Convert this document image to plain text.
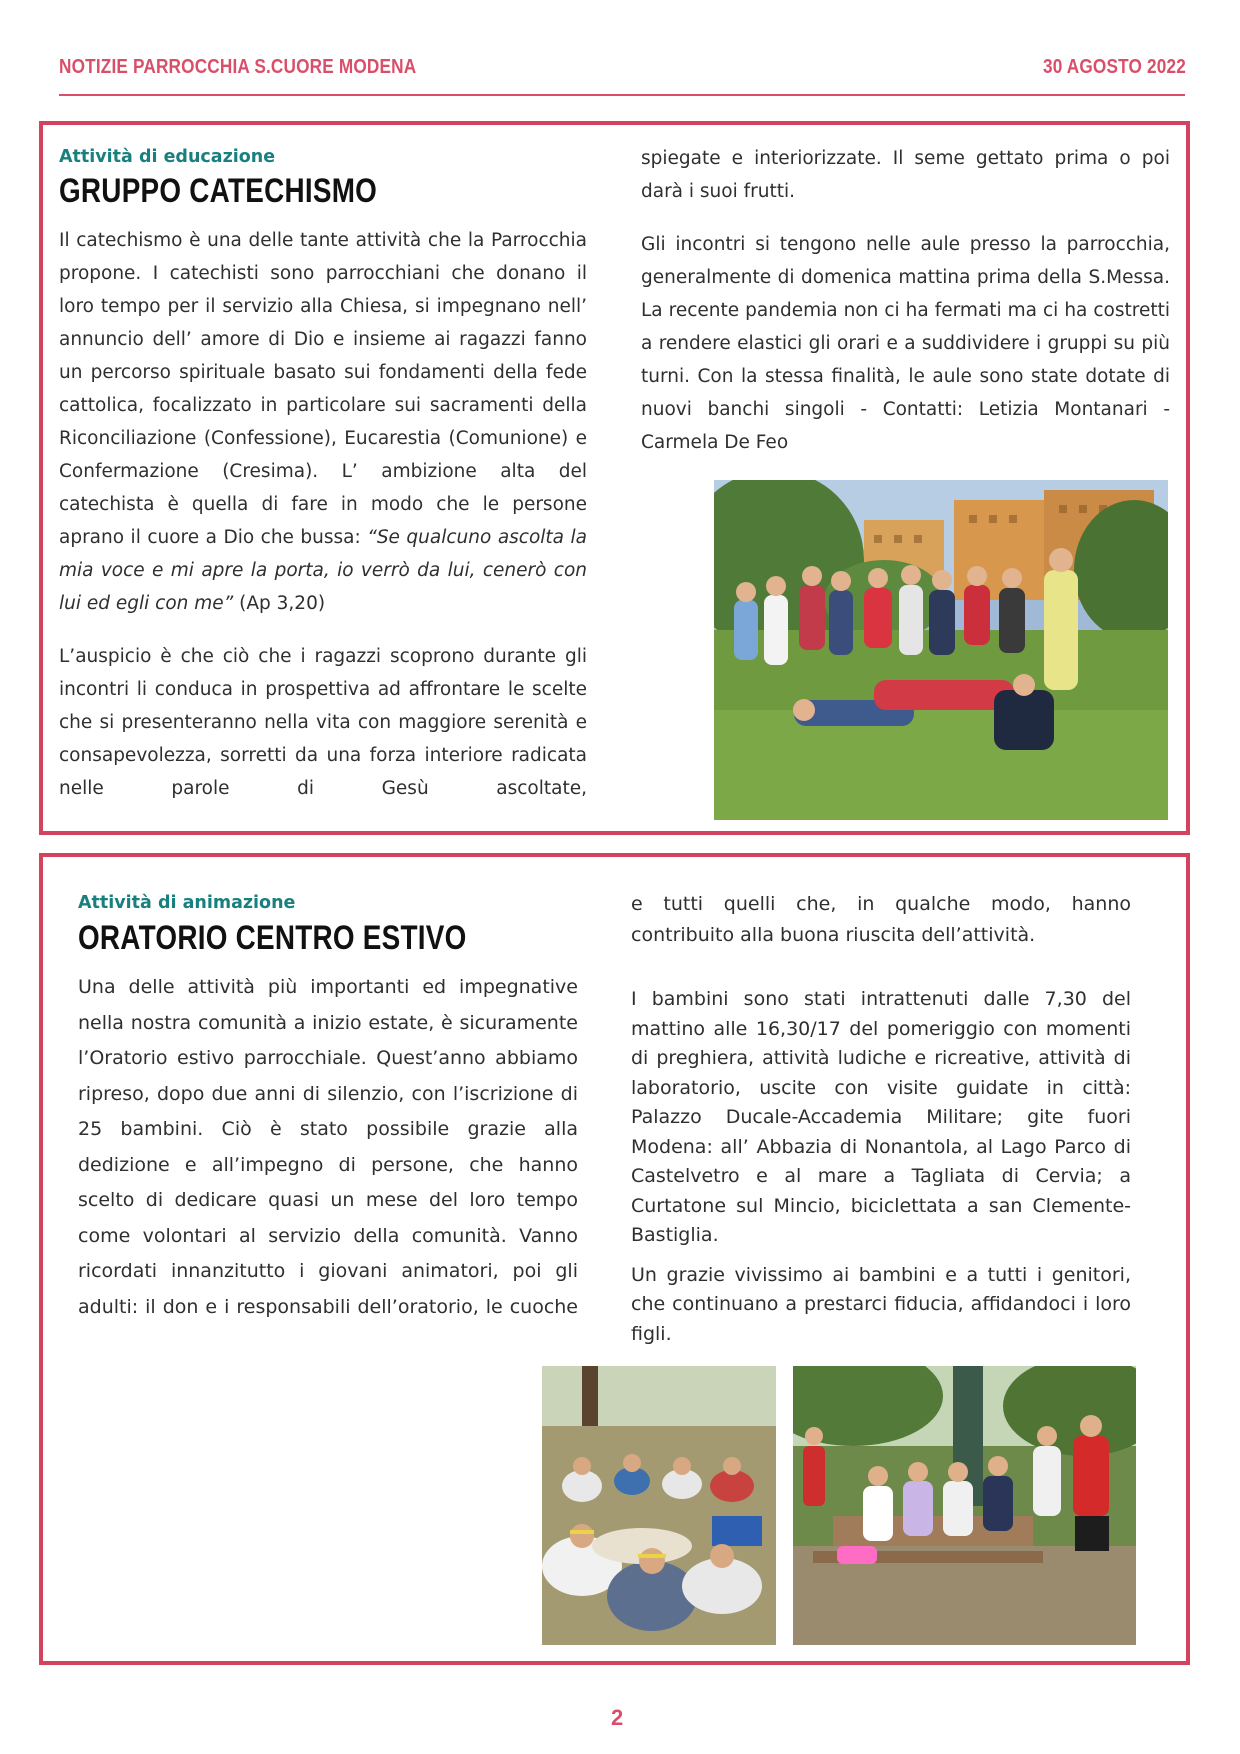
NOTIZIE PARROCCHIA S.CUORE MODENA	30 AGOSTO 2022
Attività di educazione
GRUPPO CATECHISMO

Il catechismo è una delle tante attività che la Parrocchia propone. I catechisti sono parrocchiani che donano il loro tempo per il servizio alla Chiesa, si impegnano nell’ annuncio dell’ amore di Dio e insieme ai ragazzi fanno un percorso spirituale basato sui fondamenti della fede cattolica, focalizzato in particolare sui sacramenti della Riconciliazione (Confessione), Eucarestia (Comunione) e Confermazione (Cresima). L’ ambizione alta del catechista è quella di fare in modo che le persone aprano il cuore a Dio che bussa: “Se qualcuno ascolta la mia voce e mi apre la porta, io verrò da lui, cenerò con lui ed egli con me” (Ap 3,20)

L’auspicio è che ciò che i ragazzi scoprono durante gli incontri li conduca in prospettiva ad affrontare le scelte che si presenteranno nella vita con maggiore serenità e consapevolezza, sorretti da una forza interiore radicata nelle parole di Gesù ascoltate,

spiegate e interiorizzate. Il seme gettato prima o poi darà i suoi frutti.

Gli incontri si tengono nelle aule presso la parrocchia, generalmente di domenica mattina prima della S.Messa. La recente pandemia non ci ha fermati ma ci ha costretti a rendere elastici gli orari e a suddividere i gruppi su più turni. Con la stessa finalità, le aule sono state dotate di nuovi banchi singoli - Contatti: Letizia Montanari - Carmela De Feo

Attività di animazione
ORATORIO CENTRO ESTIVO

Una delle attività più importanti ed impegnative nella nostra comunità a inizio estate, è sicuramente l’Oratorio estivo parrocchiale. Quest’anno abbiamo ripreso, dopo due anni di silenzio, con l’iscrizione di 25 bambini. Ciò è stato possibile grazie alla dedizione e all’impegno di persone, che hanno scelto di dedicare quasi un mese del loro tempo come volontari al servizio della comunità. Vanno ricordati innanzitutto i giovani animatori, poi gli adulti: il don e i responsabili dell’oratorio, le cuoche

e tutti quelli che, in qualche modo, hanno contribuito alla buona riuscita dell’attività.

I bambini sono stati intrattenuti dalle 7,30 del mattino alle 16,30/17 del pomeriggio con momenti di preghiera, attività ludiche e ricreative, attività di laboratorio, uscite con visite guidate in città: Palazzo Ducale-Accademia Militare; gite fuori Modena: all’ Abbazia di Nonantola, al Lago Parco di Castelvetro e al mare a Tagliata di Cervia; a Curtatone sul Mincio, biciclettata a san Clemente-Bastiglia.

Un grazie vivissimo ai bambini e a tutti i genitori, che continuano a prestarci fiducia, affidandoci i loro figli.

2
